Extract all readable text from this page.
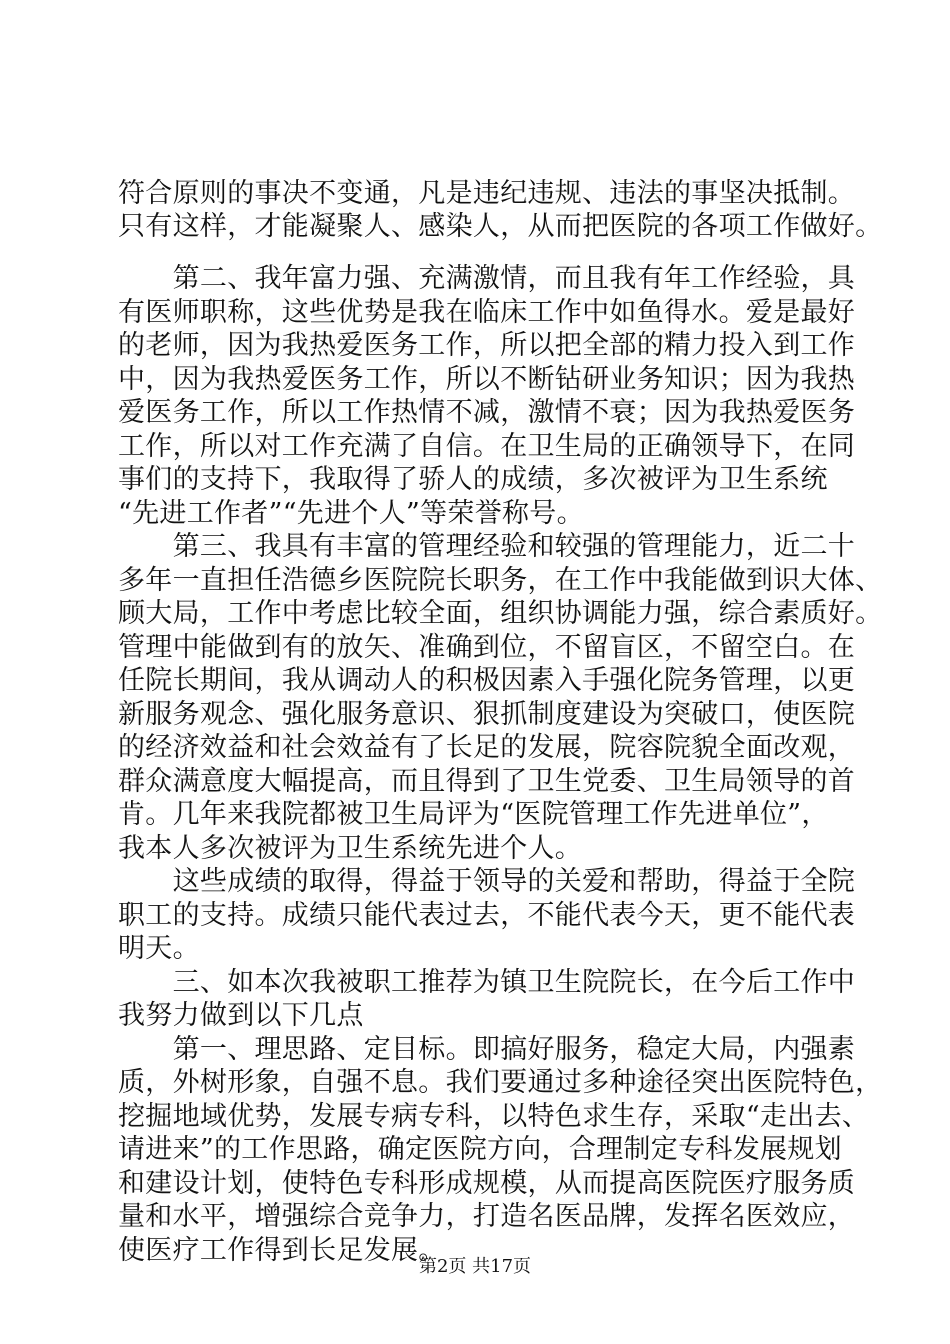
符合原则的事决不变通，凡是违纪违规、违法的事坚决抵制。
只有这样，才能凝聚人、感染人，从而把医院的各项工作做好。
　　第二、我年富力强、充满激情，而且我有年工作经验，具
有医师职称，这些优势是我在临床工作中如鱼得水。爱是最好
的老师，因为我热爱医务工作，所以把全部的精力投入到工作
中，因为我热爱医务工作，所以不断钻研业务知识；因为我热
爱医务工作，所以工作热情不减，激情不衰；因为我热爱医务
工作，所以对工作充满了自信。在卫生局的正确领导下，在同
事们的支持下，我取得了骄人的成绩，多次被评为卫生系统
“先进工作者”“先进个人”等荣誉称号。
　　第三、我具有丰富的管理经验和较强的管理能力，近二十
多年一直担任浩德乡医院院长职务，在工作中我能做到识大体、
顾大局，工作中考虑比较全面，组织协调能力强，综合素质好。
管理中能做到有的放矢、准确到位，不留盲区，不留空白。在
任院长期间，我从调动人的积极因素入手强化院务管理，以更
新服务观念、强化服务意识、狠抓制度建设为突破口，使医院
的经济效益和社会效益有了长足的发展，院容院貌全面改观，
群众满意度大幅提高，而且得到了卫生党委、卫生局领导的首
肯。几年来我院都被卫生局评为“医院管理工作先进单位”，
我本人多次被评为卫生系统先进个人。
　　这些成绩的取得，得益于领导的关爱和帮助，得益于全院
职工的支持。成绩只能代表过去，不能代表今天，更不能代表
明天。
　　三、如本次我被职工推荐为镇卫生院院长，在今后工作中
我努力做到以下几点
　　第一、理思路、定目标。即搞好服务，稳定大局，内强素
质，外树形象，自强不息。我们要通过多种途径突出医院特色，
挖掘地域优势，发展专病专科，以特色求生存，采取“走出去、
请进来”的工作思路，确定医院方向，合理制定专科发展规划
和建设计划，使特色专科形成规模，从而提高医院医疗服务质
量和水平，增强综合竞争力，打造名医品牌，发挥名医效应，
使医疗工作得到长足发展。
第2页 共17页
